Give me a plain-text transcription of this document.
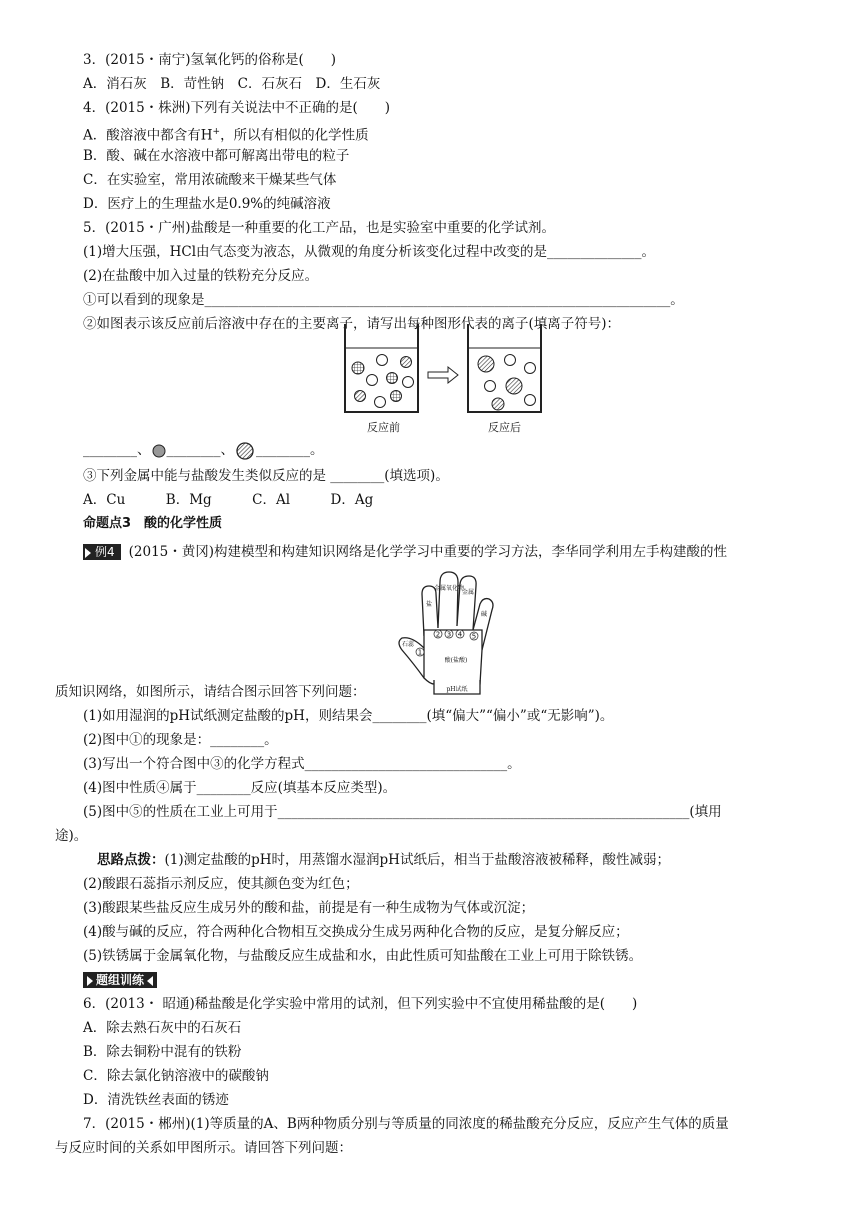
3．(2015・南宁)氢氧化钙的俗称是(　　)
A．消石灰　B．苛性钠　C．石灰石　D．生石灰
4．(2015・株洲)下列有关说法中不正确的是(　　)
A．酸溶液中都含有H+，所以有相似的化学性质
B．酸、碱在水溶液中都可解离出带电的粒子
C．在实验室，常用浓硫酸来干燥某些气体
D．医疗上的生理盐水是0.9%的纯碱溶液
5．(2015・广州)盐酸是一种重要的化工产品，也是实验室中重要的化学试剂。
(1)增大压强，HCl由气态变为液态，从微观的角度分析该变化过程中改变的是______________。
(2)在盐酸中加入过量的铁粉充分反应。
①可以看到的现象是_____________________________________________________________________。
②如图表示该反应前后溶液中存在的主要离子，请写出每种图形代表的离子(填离子符号)：
反应前	反应后
________、 ________、 ________。
③下列金属中能与盐酸发生类似反应的是 ________(填选项)。
A．Cu　　　B．Mg　　　C．Al　　　D．Ag
命题点3　酸的化学性质
例4 (2015・黄冈)构建模型和构建知识网络是化学学习中重要的学习方法，李华同学利用左手构建酸的性
盐
金属氧化物
金属
碱
石蕊
酸(盐酸)
pH试纸
1
2 3 4 5
质知识网络，如图所示，请结合图示回答下列问题：
(1)如用湿润的pH试纸测定盐酸的pH，则结果会________(填“偏大”“偏小”或“无影响”)。
(2)图中①的现象是：________。
(3)写出一个符合图中③的化学方程式______________________________。
(4)图中性质④属于________反应(填基本反应类型)。
(5)图中⑤的性质在工业上可用于_____________________________________________________________(填用
途)。
思路点拨：(1)测定盐酸的pH时，用蒸馏水湿润pH试纸后，相当于盐酸溶液被稀释，酸性减弱；
(2)酸跟石蕊指示剂反应，使其颜色变为红色；
(3)酸跟某些盐反应生成另外的酸和盐，前提是有一种生成物为气体或沉淀；
(4)酸与碱的反应，符合两种化合物相互交换成分生成另两种化合物的反应，是复分解反应；
(5)铁锈属于金属氧化物，与盐酸反应生成盐和水，由此性质可知盐酸在工业上可用于除铁锈。
题组训练
6．(2013・ 昭通)稀盐酸是化学实验中常用的试剂，但下列实验中不宜使用稀盐酸的是(　　)
A．除去熟石灰中的石灰石
B．除去铜粉中混有的铁粉
C．除去氯化钠溶液中的碳酸钠
D．清洗铁丝表面的锈迹
7．(2015・郴州)(1)等质量的A、B两种物质分别与等质量的同浓度的稀盐酸充分反应，反应产生气体的质量
与反应时间的关系如甲图所示。请回答下列问题：
